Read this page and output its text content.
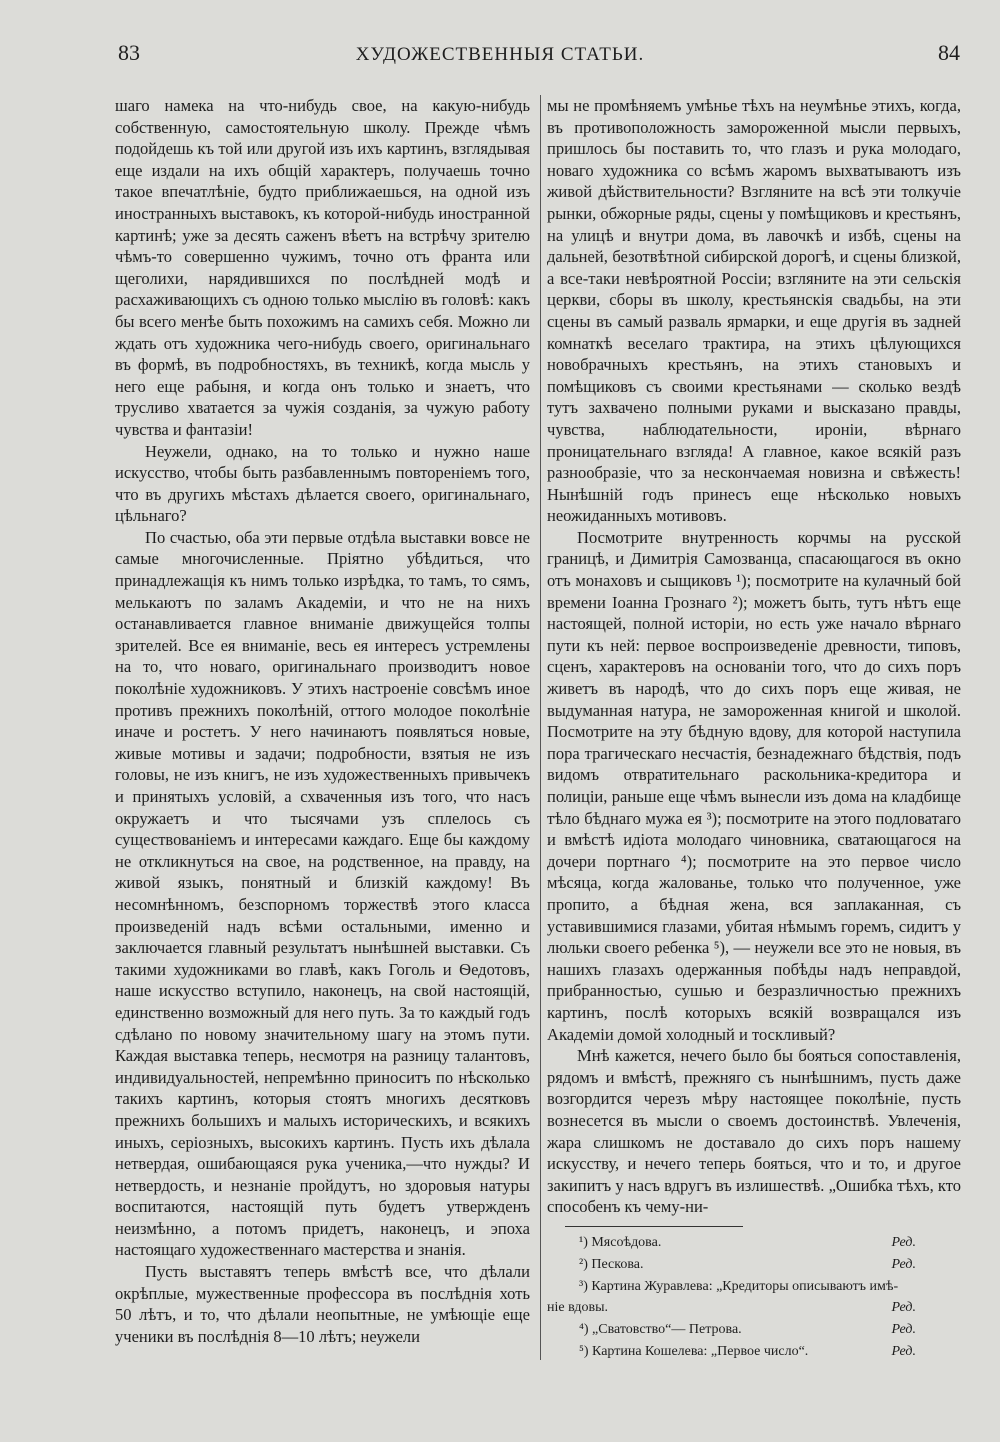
83	ХУДОЖЕСТВЕННЫЯ СТАТЬИ.	84

шаго намека на что-нибудь свое, на какую-нибудь собственную, самостоятельную школу. Прежде чѣмъ подойдешь къ той или другой изъ ихъ картинъ, взглядывая еще издали на ихъ общій характеръ, получаешь точно такое впечатлѣніе, будто приближаешься, на одной изъ иностранныхъ выставокъ, къ которой-нибудь иностранной картинѣ; уже за десять саженъ вѣетъ на встрѣчу зрителю чѣмъ-то совершенно чужимъ, точно отъ франта или щеголихи, нарядившихся по послѣдней модѣ и расхаживающихъ съ одною только мыслію въ головѣ: какъ бы всего менѣе быть похожимъ на самихъ себя. Можно ли ждать отъ художника чего-нибудь своего, оригинальнаго въ формѣ, въ подробностяхъ, въ техникѣ, когда мысль у него еще рабыня, и когда онъ только и знаетъ, что трусливо хватается за чужія созданія, за чужую работу чувства и фантазіи!

Неужели, однако, на то только и нужно наше искусство, чтобы быть разбавленнымъ повтореніемъ того, что въ другихъ мѣстахъ дѣлается своего, оригинальнаго, цѣльнаго?

По счастью, оба эти первые отдѣла выставки вовсе не самые многочисленные. Пріятно убѣдиться, что принадлежащія къ нимъ только изрѣдка, то тамъ, то сямъ, мелькаютъ по заламъ Академіи, и что не на нихъ останавливается главное вниманіе движущейся толпы зрителей. Все ея вниманіе, весь ея интересъ устремлены на то, что новаго, оригинальнаго производитъ новое поколѣніе художниковъ. У этихъ настроеніе совсѣмъ иное противъ прежнихъ поколѣній, оттого молодое поколѣніе иначе и ростетъ. У него начинаютъ появляться новые, живые мотивы и задачи; подробности, взятыя не изъ головы, не изъ книгъ, не изъ художественныхъ привычекъ и принятыхъ условій, а схваченныя изъ того, что насъ окружаетъ и что тысячами узъ сплелось съ существованіемъ и интересами каждаго. Еще бы каждому не откликнуться на свое, на родственное, на правду, на живой языкъ, понятный и близкій каждому! Въ несомнѣнномъ, безспорномъ торжествѣ этого класса произведеній надъ всѣми остальными, именно и заключается главный результатъ нынѣшней выставки. Съ такими художниками во главѣ, какъ Гоголь и Ѳедотовъ, наше искусство вступило, наконецъ, на свой настоящій, единственно возможный для него путь. За то каждый годъ сдѣлано по новому значительному шагу на этомъ пути. Каждая выставка теперь, несмотря на разницу талантовъ, индивидуальностей, непремѣнно приноситъ по нѣсколько такихъ картинъ, которыя стоятъ многихъ десятковъ прежнихъ большихъ и малыхъ историческихъ, и всякихъ иныхъ, серіозныхъ, высокихъ картинъ. Пусть ихъ дѣлала нетвердая, ошибающаяся рука ученика,—что нужды? И нетвердость, и незнаніе пройдутъ, но здоровыя натуры воспитаются, настоящій путь будетъ утвержденъ неизмѣнно, а потомъ придетъ, наконецъ, и эпоха настоящаго художественнаго мастерства и знанія.

Пусть выставятъ теперь вмѣстѣ все, что дѣлали окрѣплые, мужественные профессора въ послѣднія хоть 50 лѣтъ, и то, что дѣлали неопытные, не умѣющіе еще ученики въ послѣднія 8—10 лѣтъ; неужели

мы не промѣняемъ умѣнье тѣхъ на неумѣнье этихъ, когда, въ противоположность замороженной мысли первыхъ, пришлось бы поставить то, что глазъ и рука молодаго, новаго художника со всѣмъ жаромъ выхватываютъ изъ живой дѣйствительности? Взгляните на всѣ эти толкучіе рынки, обжорные ряды, сцены у помѣщиковъ и крестьянъ, на улицѣ и внутри дома, въ лавочкѣ и избѣ, сцены на дальней, безотвѣтной сибирской дорогѣ, и сцены близкой, а все-таки невѣроятной Россіи; взгляните на эти сельскія церкви, сборы въ школу, крестьянскія свадьбы, на эти сцены въ самый разваль ярмарки, и еще другія въ задней комнаткѣ веселаго трактира, на этихъ цѣлующихся новобрачныхъ крестьянъ, на этихъ становыхъ и помѣщиковъ съ своими крестьянами — сколько вездѣ тутъ захвачено полными руками и высказано правды, чувства, наблюдательности, ироніи, вѣрнаго проницательнаго взгляда! А главное, какое всякій разъ разнообразіе, что за нескончаемая новизна и свѣжесть! Нынѣшній годъ принесъ еще нѣсколько новыхъ неожиданныхъ мотивовъ.

Посмотрите внутренность корчмы на русской границѣ, и Димитрія Самозванца, спасающагося въ окно отъ монаховъ и сыщиковъ ¹); посмотрите на кулачный бой времени Іоанна Грознаго ²); можетъ быть, тутъ нѣтъ еще настоящей, полной исторіи, но есть уже начало вѣрнаго пути къ ней: первое воспроизведеніе древности, типовъ, сценъ, характеровъ на основаніи того, что до сихъ поръ живетъ въ народѣ, что до сихъ поръ еще живая, не выдуманная натура, не замороженная книгой и школой. Посмотрите на эту бѣдную вдову, для которой наступила пора трагическаго несчастія, безнадежнаго бѣдствія, подъ видомъ отвратительнаго раскольника-кредитора и полиціи, раньше еще чѣмъ вынесли изъ дома на кладбище тѣло бѣднаго мужа ея ³); посмотрите на этого подловатаго и вмѣстѣ идіота молодаго чиновника, сватающагося на дочери портнаго ⁴); посмотрите на это первое число мѣсяца, когда жалованье, только что полученное, уже пропито, а бѣдная жена, вся заплаканная, съ уставившимися глазами, убитая нѣмымъ горемъ, сидитъ у люльки своего ребенка ⁵), — неужели все это не новыя, въ нашихъ глазахъ одержанныя побѣды надъ неправдой, прибранностью, сушью и безразличностью прежнихъ картинъ, послѣ которыхъ всякій возвращался изъ Академіи домой холодный и тоскливый?

Мнѣ кажется, нечего было бы бояться сопоставленія, рядомъ и вмѣстѣ, прежняго съ нынѣшнимъ, пусть даже возгордится черезъ мѣру настоящее поколѣніе, пусть вознесется въ мысли о своемъ достоинствѣ. Увлеченія, жара слишкомъ не доставало до сихъ поръ нашему искусству, и нечего теперь бояться, что и то, и другое закипитъ у насъ вдругъ въ излишествѣ. „Ошибка тѣхъ, кто способенъ къ чему-ни-

¹) Мясоѣдова.	Ред.
²) Пескова.	Ред.
³) Картина Журавлева: „Кредиторы описываютъ имѣ-
ніе вдовы.	Ред.
⁴) „Сватовство“— Петрова.	Ред.
⁵) Картина Кошелева: „Первое число“.	Ред.
